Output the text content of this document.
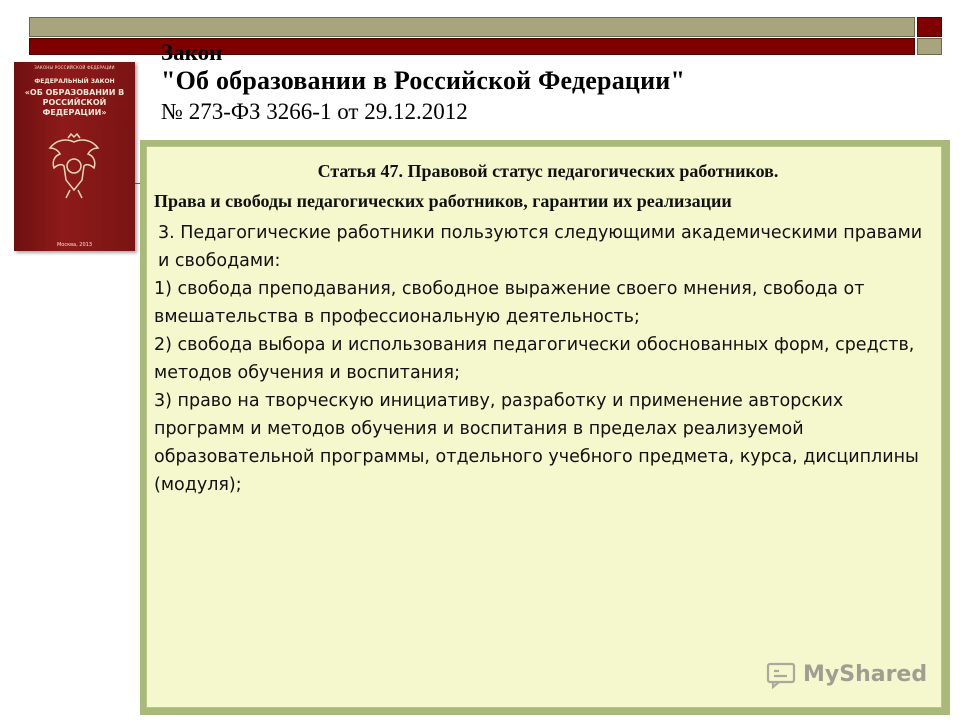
ЗАКОНЫ РОССИЙСКОЙ ФЕДЕРАЦИИ
ФЕДЕРАЛЬНЫЙ ЗАКОН
«ОБ ОБРАЗОВАНИИ В РОССИЙСКОЙ ФЕДЕРАЦИИ»
Москва, 2013
Закон
"Об образовании в Российской Федерации"
№ 273-ФЗ 3266-1 от 29.12.2012
Статья 47. Правовой статус педагогических работников.
Права и свободы педагогических работников, гарантии их реализации

3. Педагогические работники пользуются следующими академическими правами и свободами:

1) свобода преподавания, свободное выражение своего мнения, свобода от вмешательства в профессиональную деятельность;

2) свобода выбора и использования педагогически обоснованных форм, средств, методов обучения и воспитания;

3) право на творческую инициативу, разработку и применение авторских программ и методов обучения и воспитания в пределах реализуемой образовательной программы, отдельного учебного предмета, курса, дисциплины (модуля);

MyShared
